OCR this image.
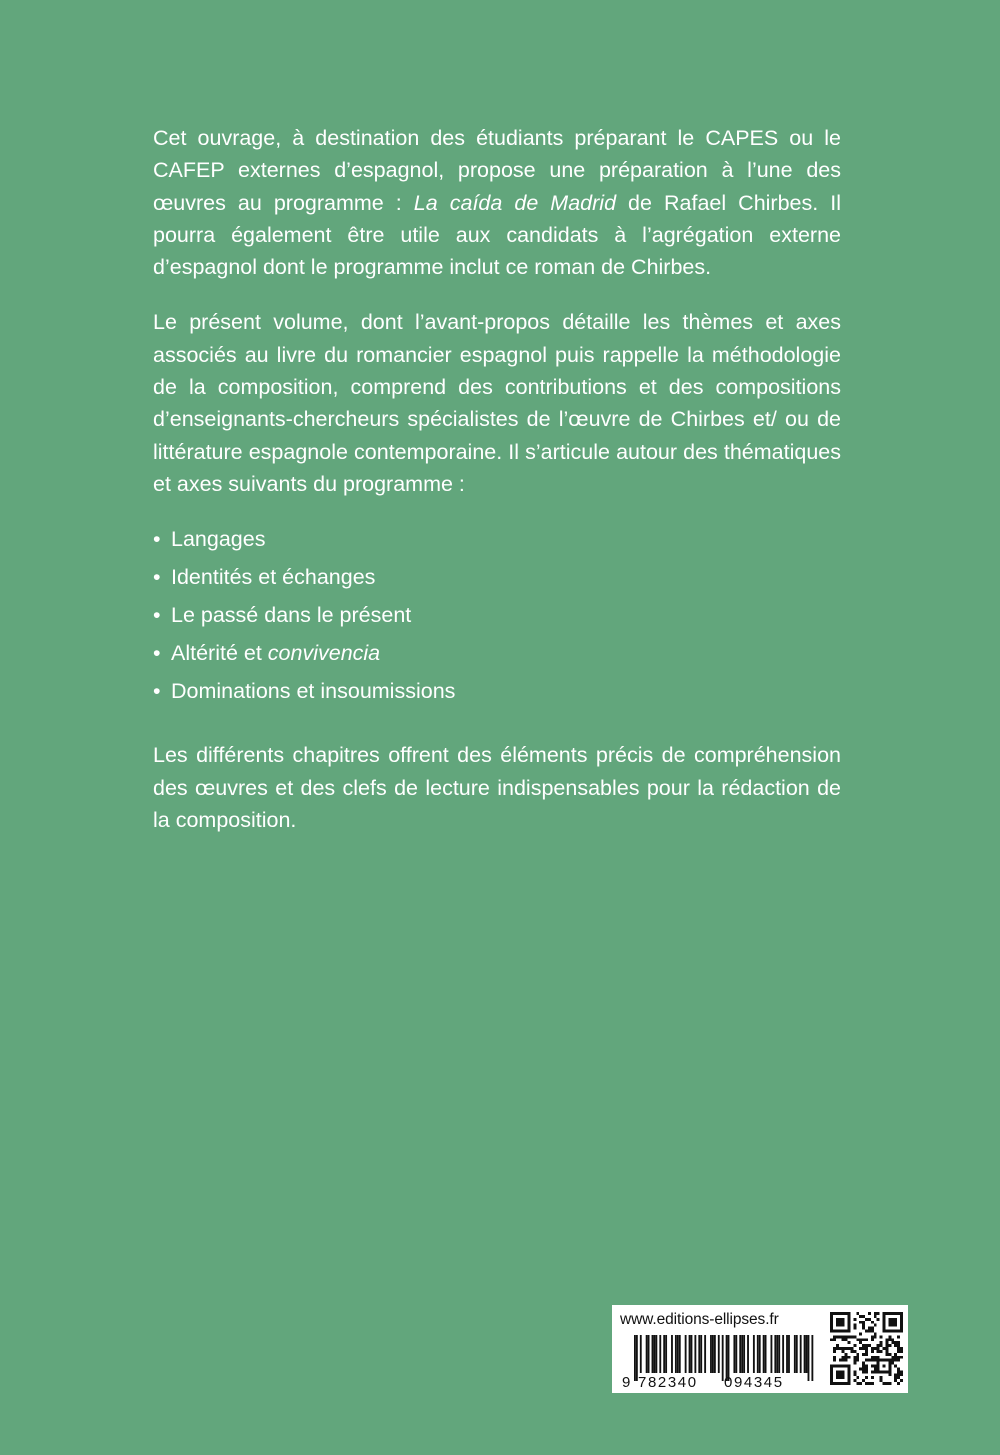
Cet ouvrage, à destination des étudiants préparant le CAPES ou le CAFEP externes d’espagnol, propose une préparation à l’une des œuvres au programme : La caída de Madrid de Rafael Chirbes. Il pourra également être utile aux candidats à l’agrégation externe d’espagnol dont le programme inclut ce roman de Chirbes.

Le présent volume, dont l’avant-propos détaille les thèmes et axes associés au livre du romancier espagnol puis rappelle la méthodologie de la composition, comprend des contributions et des compositions d’enseignants-chercheurs spécialistes de l’œuvre de Chirbes et/ ou de littérature espagnole contemporaine. Il s’articule autour des thématiques et axes suivants du programme :

• Langages
• Identités et échanges
• Le passé dans le présent
• Altérité et convivencia
• Dominations et insoumissions

Les différents chapitres offrent des éléments précis de compréhension des œuvres et des clefs de lecture indispensables pour la rédaction de la composition.

www.editions-ellipses.fr
9 782340 094345
